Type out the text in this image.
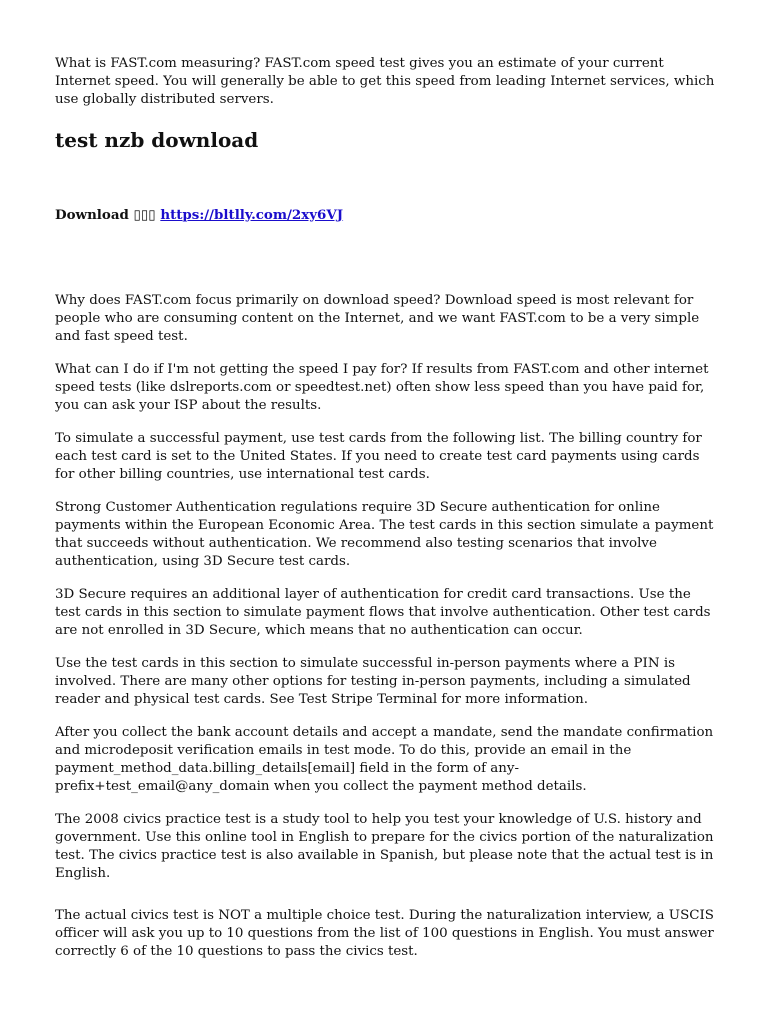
What is FAST.com measuring? FAST.com speed test gives you an estimate of your current Internet speed. You will generally be able to get this speed from leading Internet services, which use globally distributed servers.

test nzb download
Download ▯▯▯ https://bltlly.com/2xy6VJ

Why does FAST.com focus primarily on download speed? Download speed is most relevant for people who are consuming content on the Internet, and we want FAST.com to be a very simple and fast speed test.

What can I do if I'm not getting the speed I pay for? If results from FAST.com and other internet speed tests (like dslreports.com or speedtest.net) often show less speed than you have paid for, you can ask your ISP about the results.

To simulate a successful payment, use test cards from the following list. The billing country for each test card is set to the United States. If you need to create test card payments using cards for other billing countries, use international test cards.

Strong Customer Authentication regulations require 3D Secure authentication for online payments within the European Economic Area. The test cards in this section simulate a payment that succeeds without authentication. We recommend also testing scenarios that involve authentication, using 3D Secure test cards.

3D Secure requires an additional layer of authentication for credit card transactions. Use the test cards in this section to simulate payment flows that involve authentication. Other test cards are not enrolled in 3D Secure, which means that no authentication can occur.

Use the test cards in this section to simulate successful in-person payments where a PIN is involved. There are many other options for testing in-person payments, including a simulated reader and physical test cards. See Test Stripe Terminal for more information.

After you collect the bank account details and accept a mandate, send the mandate confirmation and microdeposit verification emails in test mode. To do this, provide an email in the payment_method_data.billing_details[email] field in the form of any-prefix+test_email@any_domain when you collect the payment method details.

The 2008 civics practice test is a study tool to help you test your knowledge of U.S. history and government. Use this online tool in English to prepare for the civics portion of the naturalization test. The civics practice test is also available in Spanish, but please note that the actual test is in English.

The actual civics test is NOT a multiple choice test. During the naturalization interview, a USCIS officer will ask you up to 10 questions from the list of 100 questions in English. You must answer correctly 6 of the 10 questions to pass the civics test.
